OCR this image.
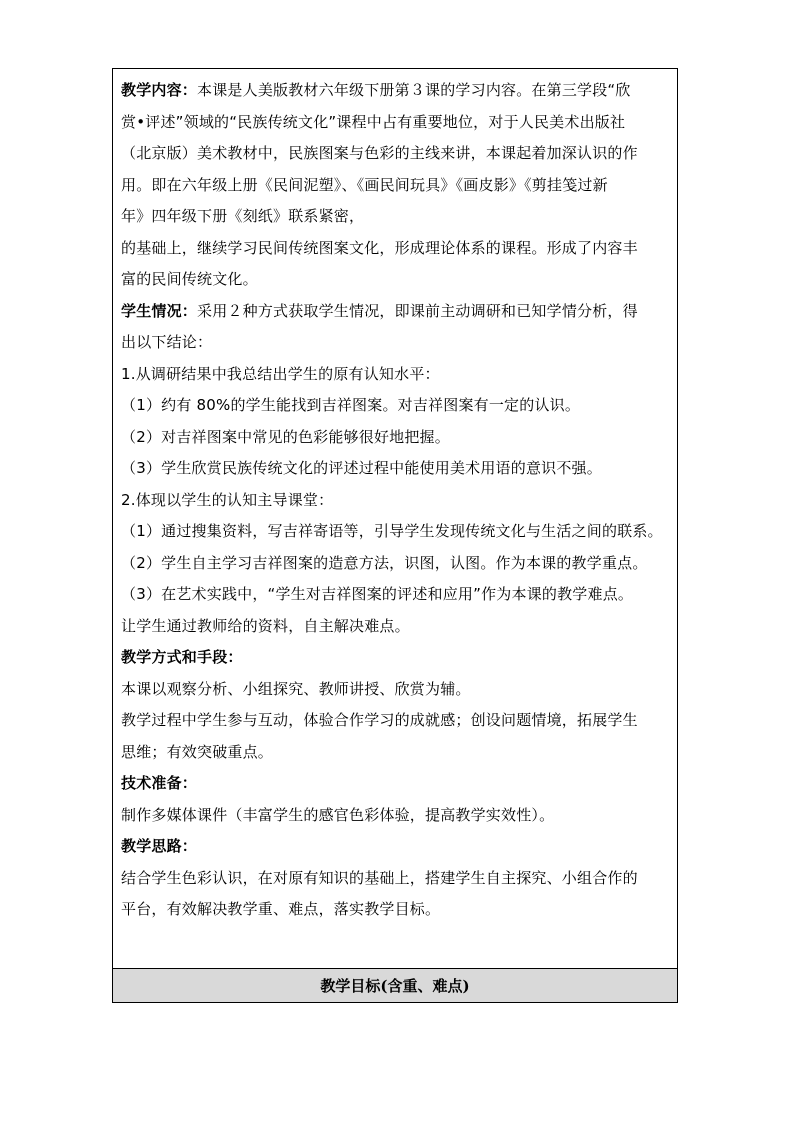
教学内容：本课是人美版教材六年级下册第３课的学习内容。在第三学段“欣
赏•评述”领域的“民族传统文化”课程中占有重要地位，对于人民美术出版社
（北京版）美术教材中，民族图案与色彩的主线来讲，本课起着加深认识的作
用。即在六年级上册《民间泥塑》、《画民间玩具》《画皮影》《剪挂笺过新
年》四年级下册《刻纸》联系紧密，
的基础上，继续学习民间传统图案文化，形成理论体系的课程。形成了内容丰
富的民间传统文化。
学生情况：采用２种方式获取学生情况，即课前主动调研和已知学情分析，得
出以下结论：
1.从调研结果中我总结出学生的原有认知水平：
（1）约有 80%的学生能找到吉祥图案。对吉祥图案有一定的认识。
（2）对吉祥图案中常见的色彩能够很好地把握。
（3）学生欣赏民族传统文化的评述过程中能使用美术用语的意识不强。
2.体现以学生的认知主导课堂：
（1）通过搜集资料，写吉祥寄语等，引导学生发现传统文化与生活之间的联系。
（2）学生自主学习吉祥图案的造意方法，识图，认图。作为本课的教学重点。
（3）在艺术实践中，“学生对吉祥图案的评述和应用”作为本课的教学难点。
让学生通过教师给的资料，自主解决难点。
教学方式和手段：
本课以观察分析、小组探究、教师讲授、欣赏为辅。
教学过程中学生参与互动，体验合作学习的成就感；创设问题情境，拓展学生
思维；有效突破重点。
技术准备：
制作多媒体课件（丰富学生的感官色彩体验，提高教学实效性）。
教学思路：
结合学生色彩认识，在对原有知识的基础上，搭建学生自主探究、小组合作的
平台，有效解决教学重、难点，落实教学目标。
教学目标(含重、难点)
